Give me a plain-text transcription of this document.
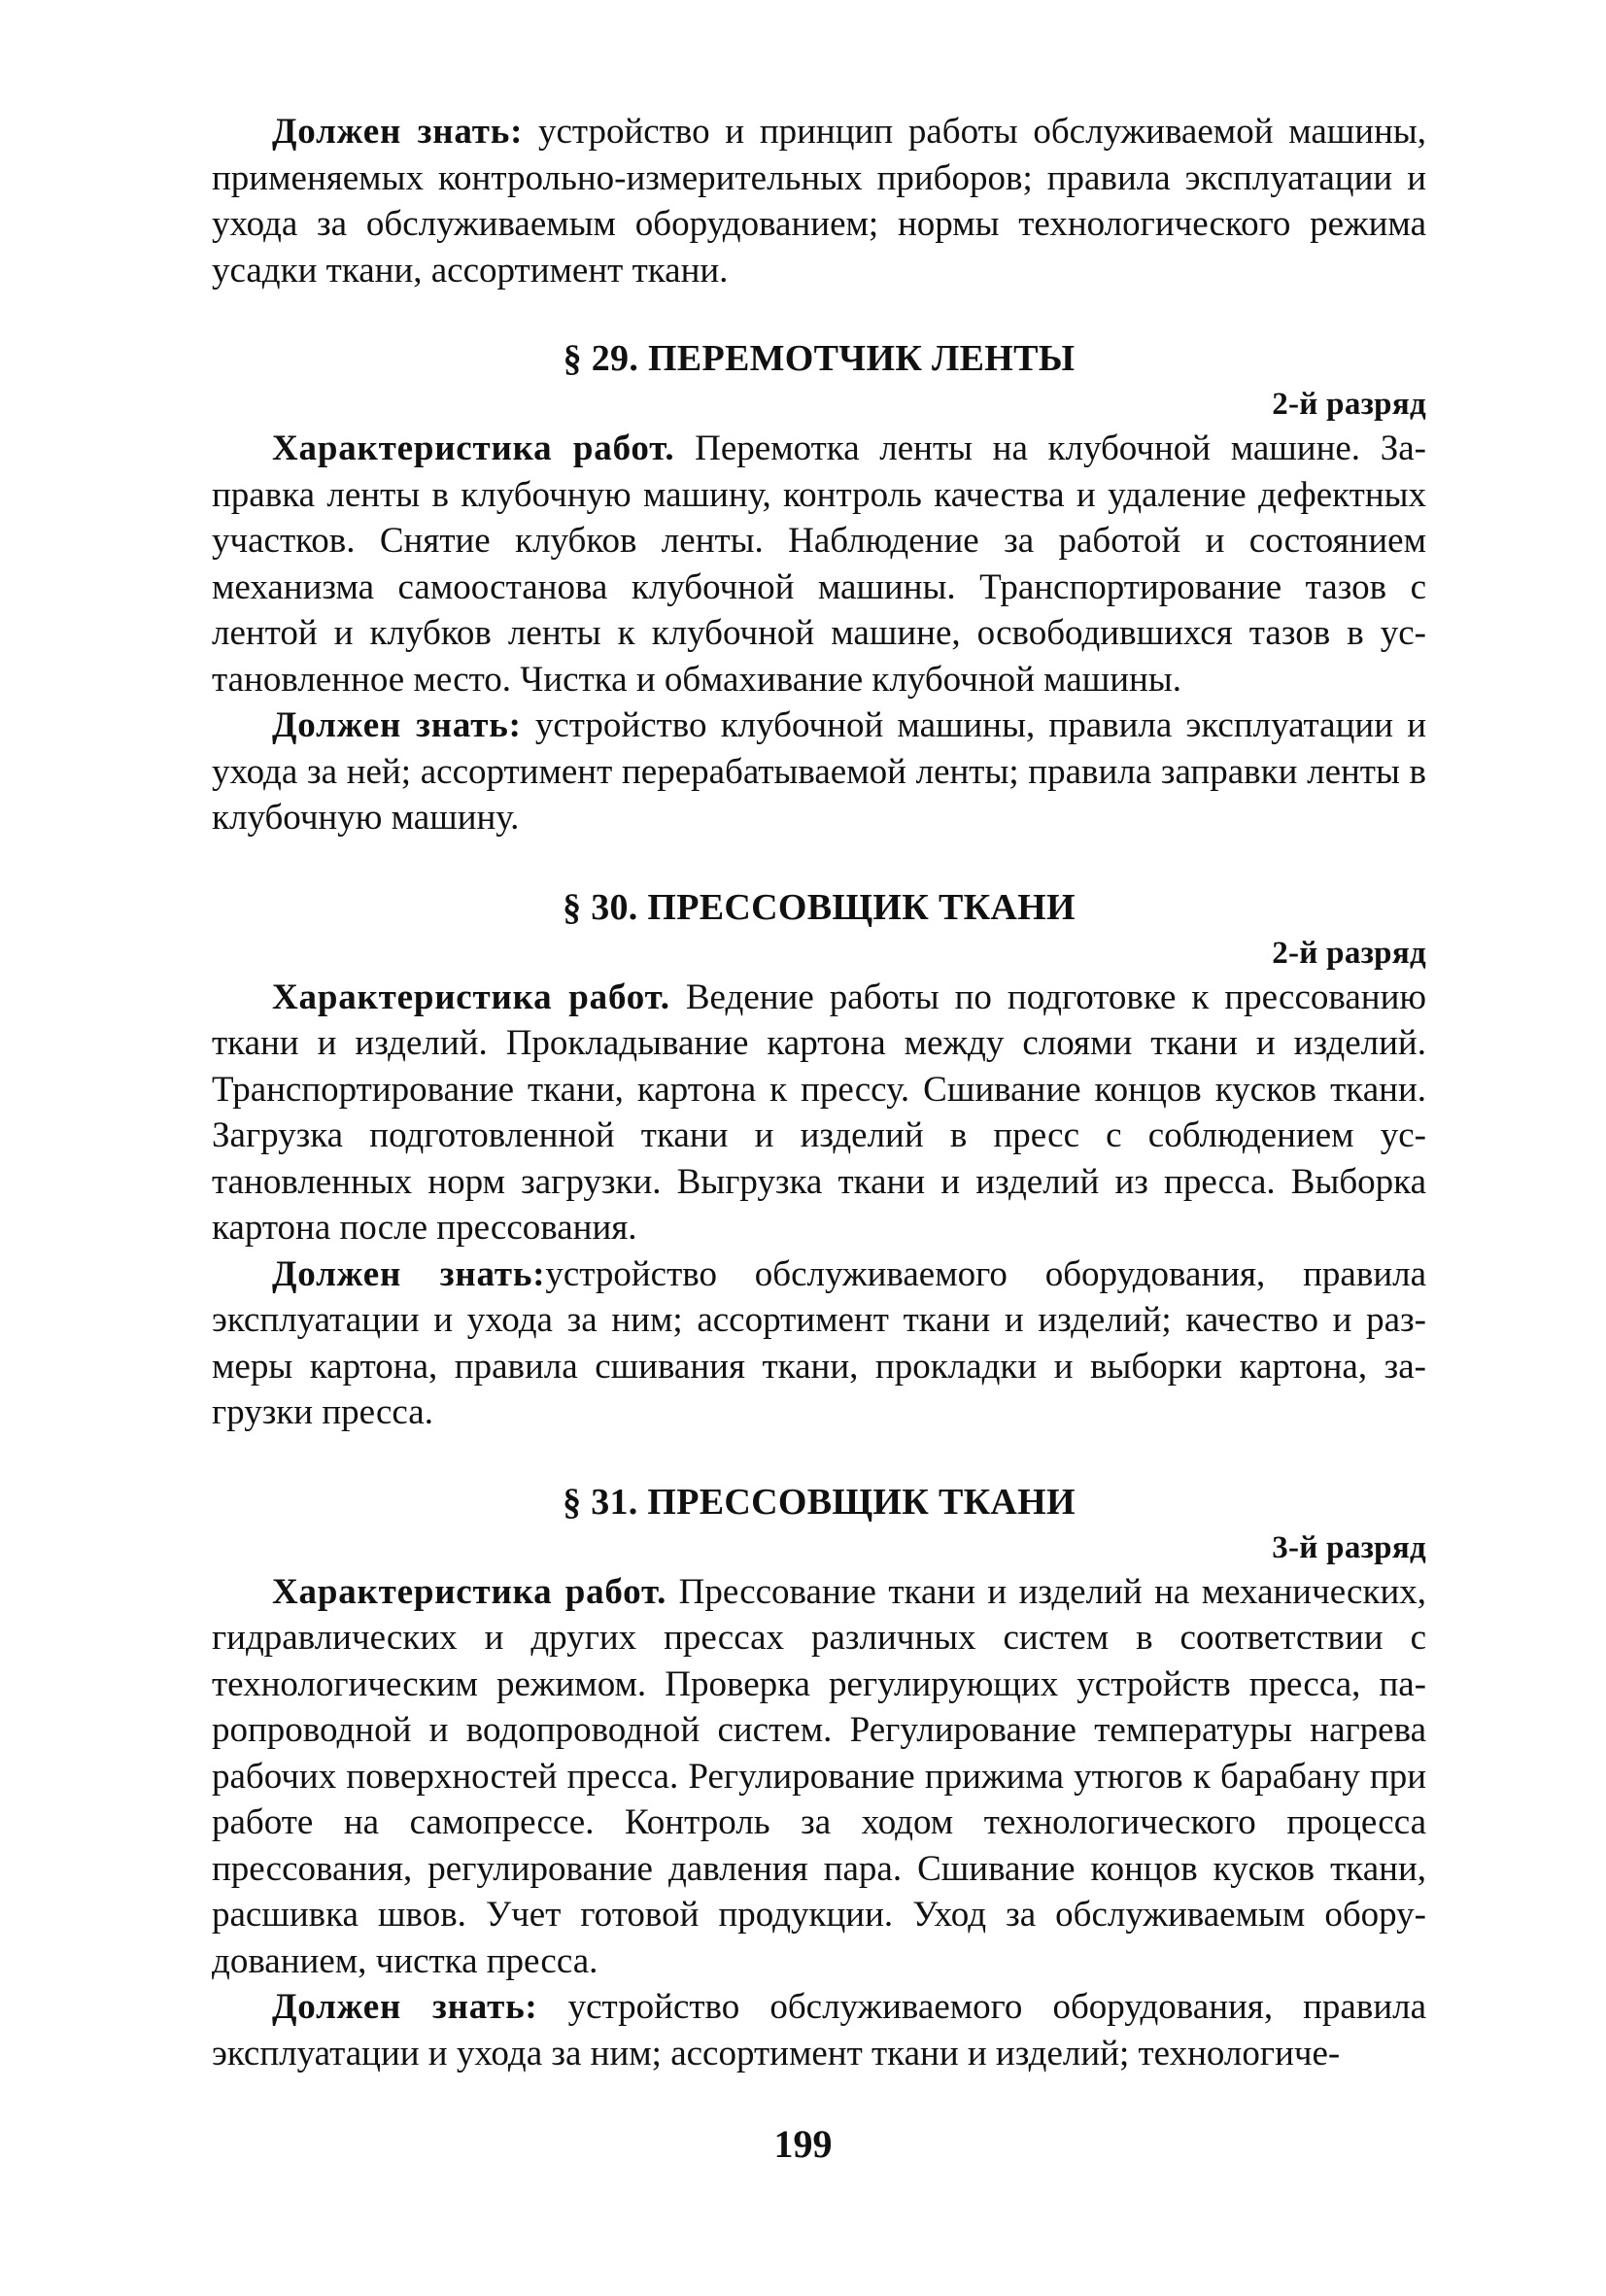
Должен знать: устройство и принцип работы обслуживаемой машины, применяемых контрольно-измерительных приборов; правила эксплуатации и ухода за обслуживаемым оборудованием; нормы технологического режима усадки ткани, ассортимент ткани.

§ 29. ПЕРЕМОТЧИК ЛЕНТЫ
2-й разряд

Характеристика работ. Перемотка ленты на клубочной машине. Заправка ленты в клубочную машину, контроль качества и удаление дефектных участков. Снятие клубков ленты. Наблюдение за работой и состоянием механизма самоостанова клубочной машины. Транспортирование тазов с лентой и клубков ленты к клубочной машине, освободившихся тазов в установленное место. Чистка и обмахивание клубочной машины.

Должен знать: устройство клубочной машины, правила эксплуатации и ухода за ней; ассортимент перерабатываемой ленты; правила заправки ленты в клубочную машину.

§ 30. ПРЕССОВЩИК ТКАНИ
2-й разряд

Характеристика работ. Ведение работы по подготовке к прессованию ткани и изделий. Прокладывание картона между слоями ткани и изделий. Транспортирование ткани, картона к прессу. Сшивание концов кусков ткани. Загрузка подготовленной ткани и изделий в пресс с соблюдением установленных норм загрузки. Выгрузка ткани и изделий из пресса. Выборка картона после прессования.

Должен знать:устройство обслуживаемого оборудования, правила эксплуатации и ухода за ним; ассортимент ткани и изделий; качество и размеры картона, правила сшивания ткани, прокладки и выборки картона, загрузки пресса.

§ 31. ПРЕССОВЩИК ТКАНИ
3-й разряд

Характеристика работ. Прессование ткани и изделий на механических, гидравлических и других прессах различных систем в соответствии с технологическим режимом. Проверка регулирующих устройств пресса, паропроводной и водопроводной систем. Регулирование температуры нагрева рабочих поверхностей пресса. Регулирование прижима утюгов к барабану при работе на самопрессе. Контроль за ходом технологического процесса прессования, регулирование давления пара. Сшивание концов кусков ткани, расшивка швов. Учет готовой продукции. Уход за обслуживаемым оборудованием, чистка пресса.

Должен знать: устройство обслуживаемого оборудования, правила эксплуатации и ухода за ним; ассортимент ткани и изделий; технологиче-

199
